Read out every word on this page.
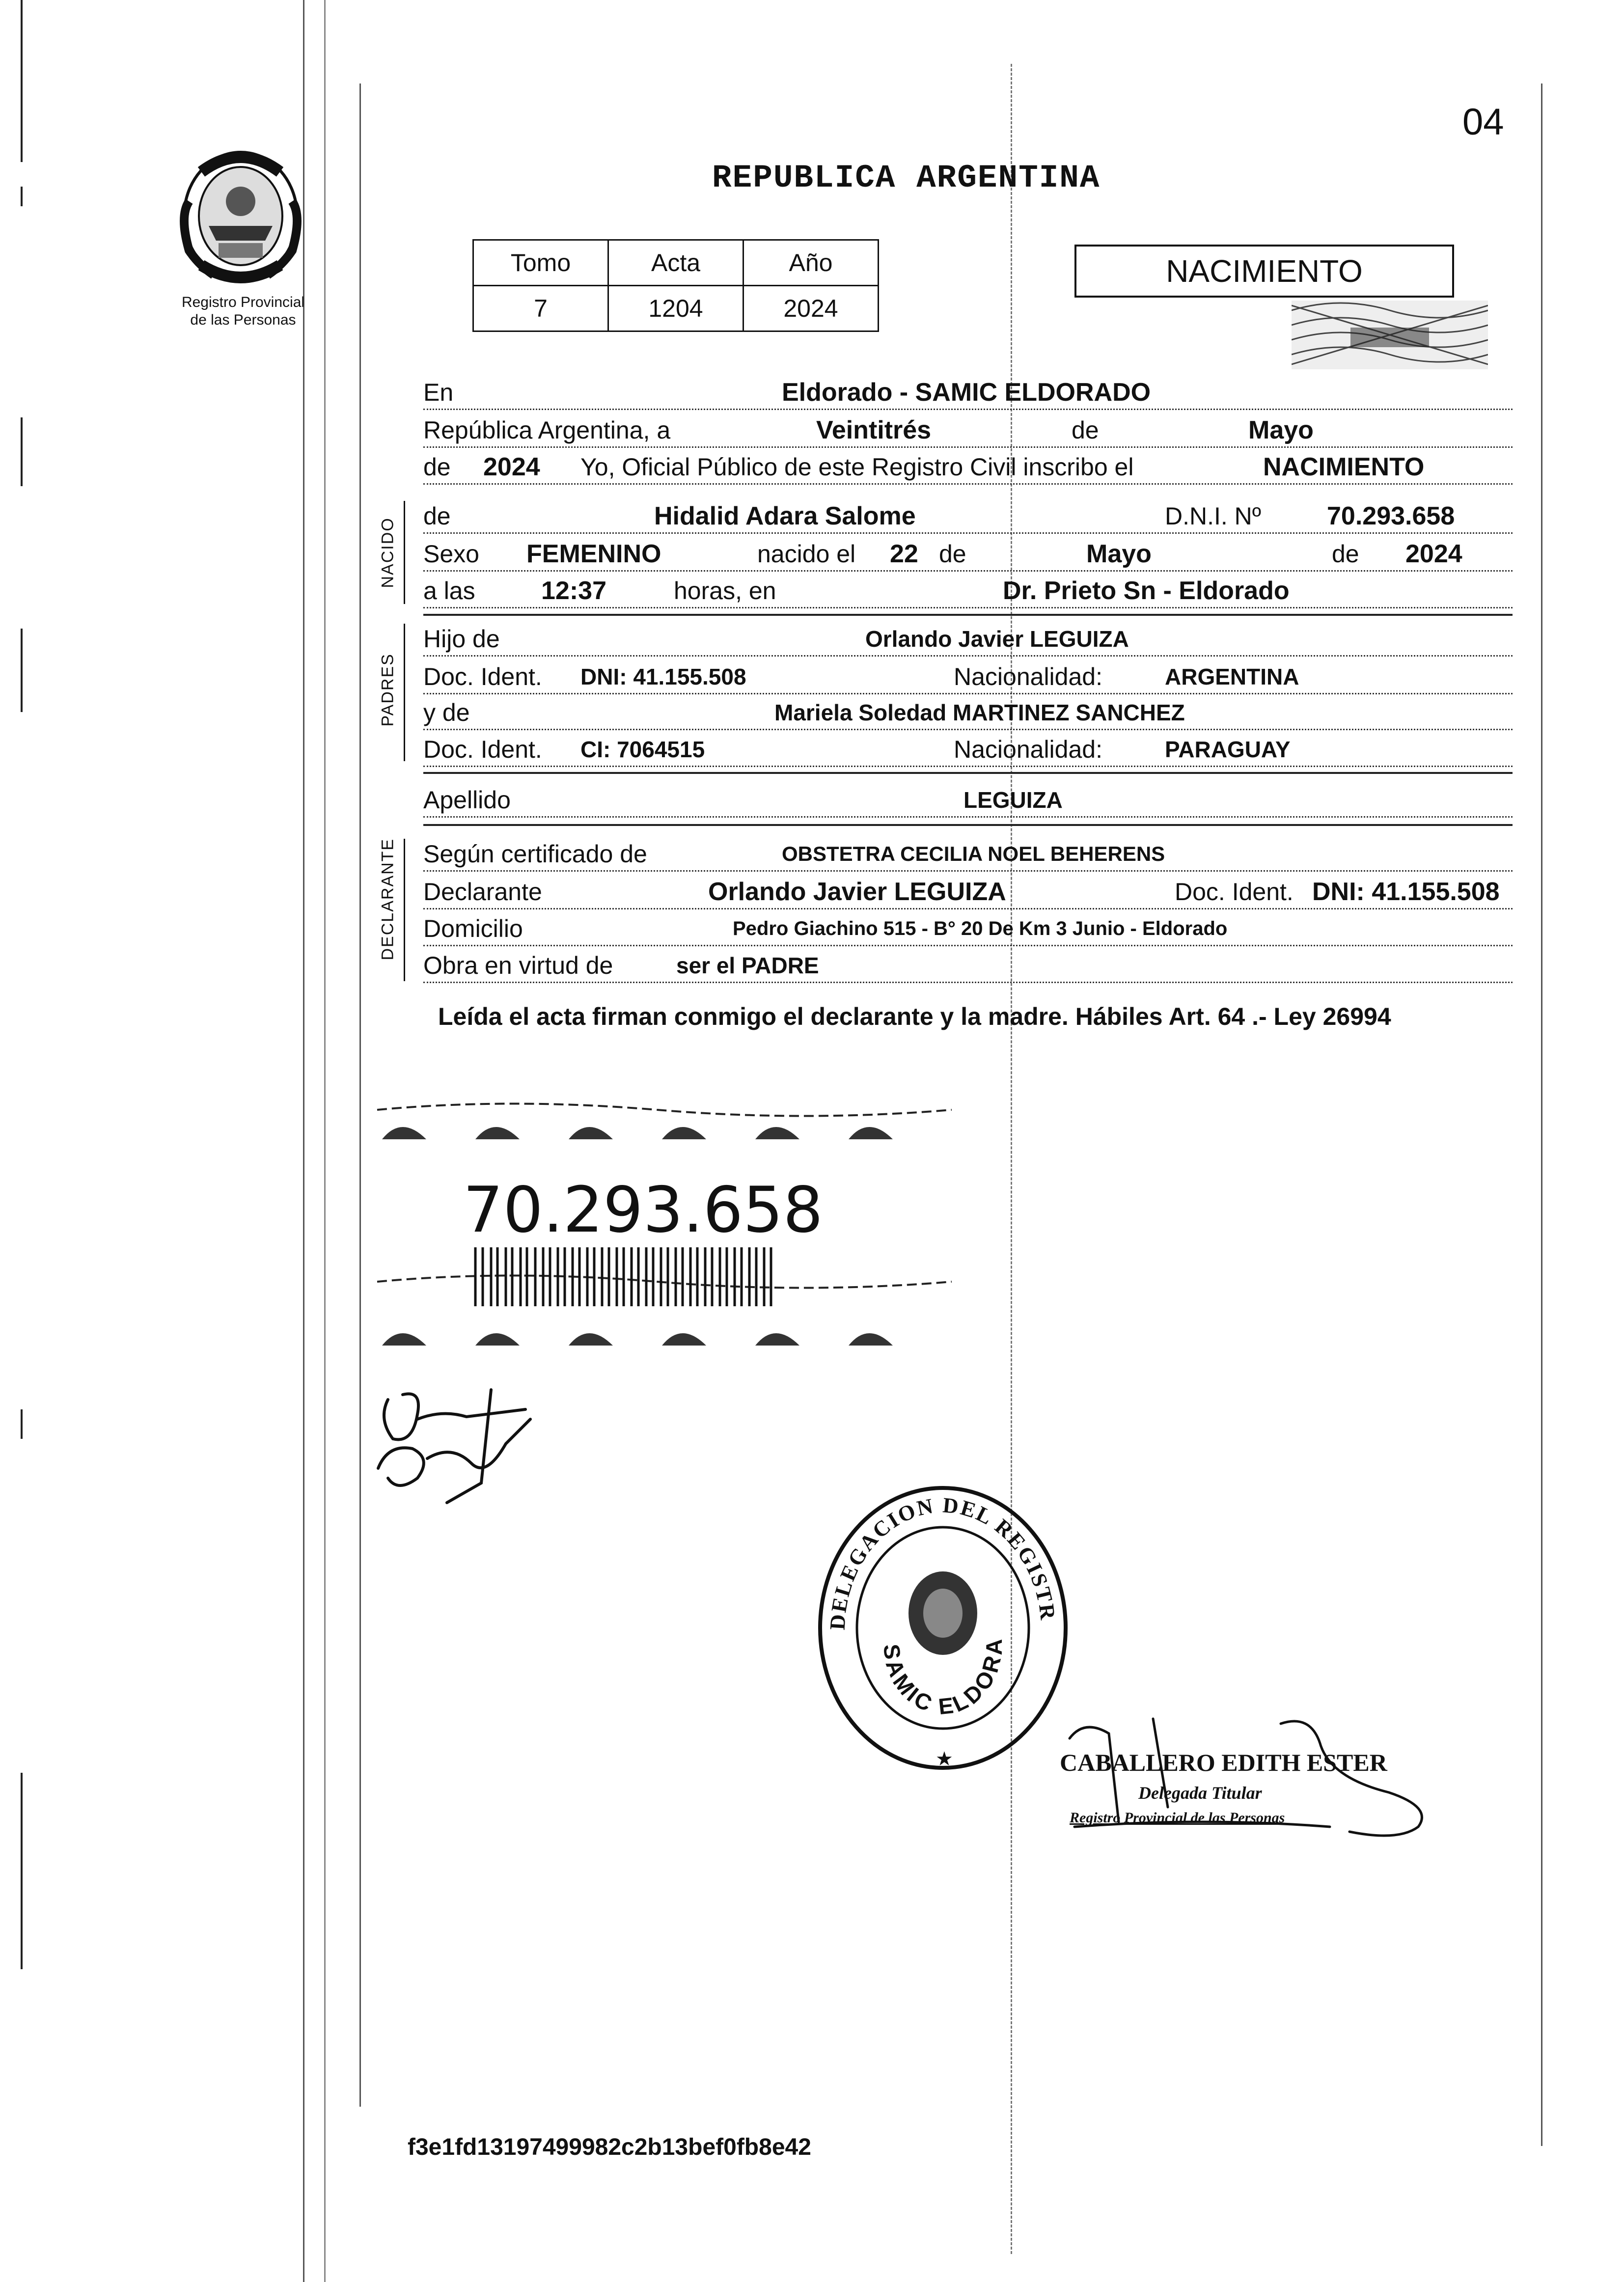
04
Registro Provincial
de las Personas
REPUBLICA ARGENTINA
Tomo	Acta	Año
7	1204	2024
NACIMIENTO
En	Eldorado - SAMIC ELDORADO
República Argentina, a	Veintitrés	de	Mayo
de 2024 Yo, Oficial Público de este Registro Civil inscribo el	NACIMIENTO
NACIDO
de	Hidalid Adara Salome	D.N.I. Nº	70.293.658
Sexo FEMENINO	nacido el 22 de	Mayo	de 2024
a las	12:37	horas, en	Dr. Prieto Sn - Eldorado
PADRES
Hijo de	Orlando Javier LEGUIZA
Doc. Ident. DNI: 41.155.508	Nacionalidad:	ARGENTINA
y de	Mariela Soledad MARTINEZ SANCHEZ
Doc. Ident. CI: 7064515	Nacionalidad:	PARAGUAY
Apellido	LEGUIZA
DECLARANTE Según certificado de	OBSTETRA CECILIA NOEL BEHERENS
Declarante	Orlando Javier LEGUIZA	Doc. Ident. DNI: 41.155.508
Domicilio	Pedro Giachino 515 - B° 20 De Km 3 Junio - Eldorado
Obra en virtud de	ser el PADRE
Leída el acta firman conmigo el declarante y la madre. Hábiles Art. 64 .- Ley 26994
70.293.658
DELEGACION DEL REGISTR
SAMIC ELDORA
★	CABALLERO EDITH ESTER
Delegada Titular
Registro Provincial de las Personas
f3e1fd13197499982c2b13bef0fb8e42
